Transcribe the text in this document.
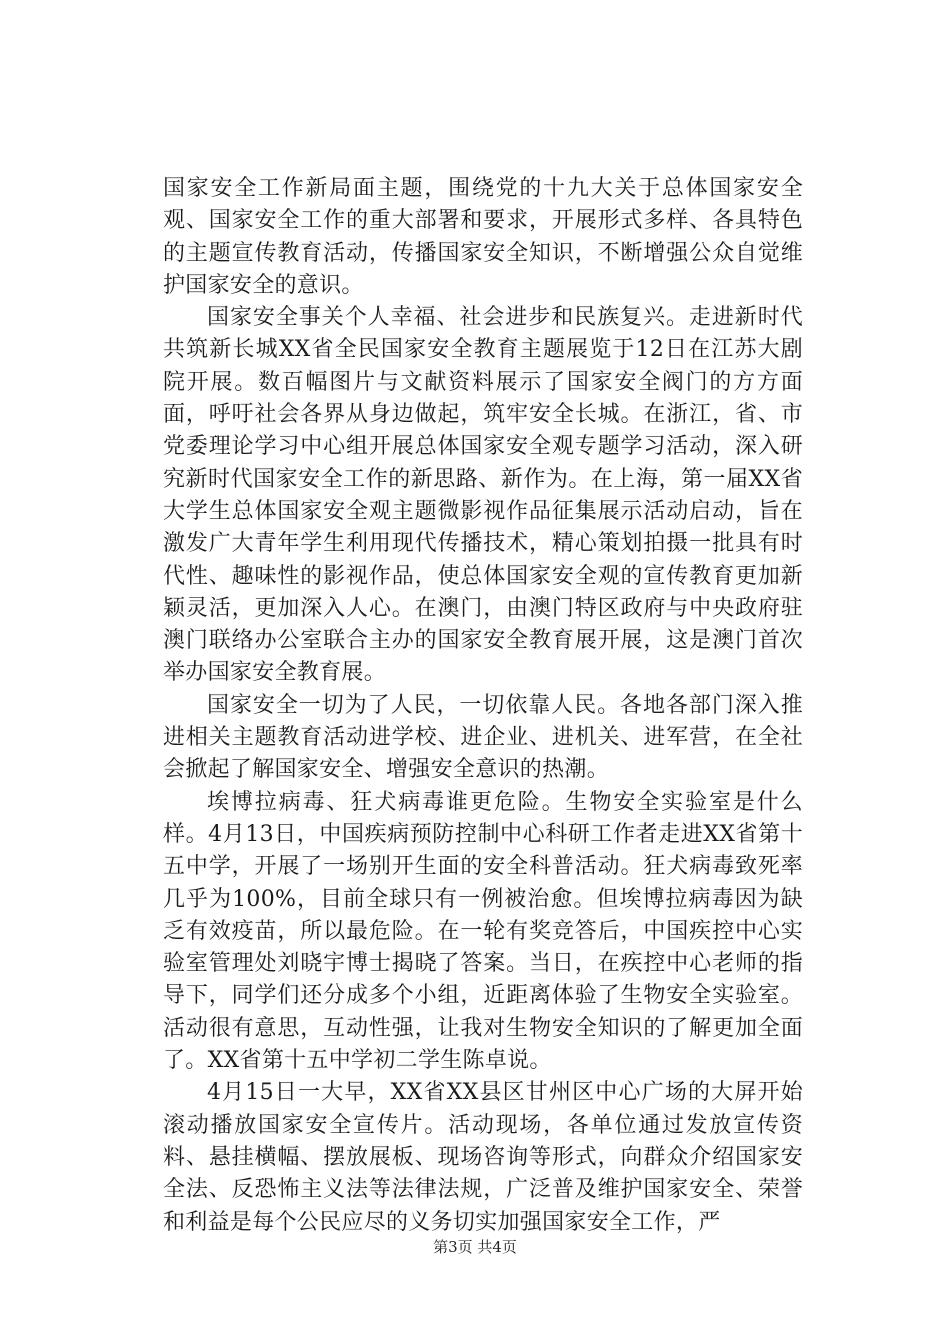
国家安全工作新局面主题，围绕党的十九大关于总体国家安全观、国家安全工作的重大部署和要求，开展形式多样、各具特色的主题宣传教育活动，传播国家安全知识，不断增强公众自觉维护国家安全的意识。

国家安全事关个人幸福、社会进步和民族复兴。走进新时代共筑新长城XX省全民国家安全教育主题展览于12日在江苏大剧院开展。数百幅图片与文献资料展示了国家安全阀门的方方面面，呼吁社会各界从身边做起，筑牢安全长城。在浙江，省、市党委理论学习中心组开展总体国家安全观专题学习活动，深入研究新时代国家安全工作的新思路、新作为。在上海，第一届XX省大学生总体国家安全观主题微影视作品征集展示活动启动，旨在激发广大青年学生利用现代传播技术，精心策划拍摄一批具有时代性、趣味性的影视作品，使总体国家安全观的宣传教育更加新颖灵活，更加深入人心。在澳门，由澳门特区政府与中央政府驻澳门联络办公室联合主办的国家安全教育展开展，这是澳门首次举办国家安全教育展。

国家安全一切为了人民，一切依靠人民。各地各部门深入推进相关主题教育活动进学校、进企业、进机关、进军营，在全社会掀起了解国家安全、增强安全意识的热潮。

埃博拉病毒、狂犬病毒谁更危险。生物安全实验室是什么样。4月13日，中国疾病预防控制中心科研工作者走进XX省第十五中学，开展了一场别开生面的安全科普活动。狂犬病毒致死率几乎为100%，目前全球只有一例被治愈。但埃博拉病毒因为缺乏有效疫苗，所以最危险。在一轮有奖竞答后，中国疾控中心实验室管理处刘晓宇博士揭晓了答案。当日，在疾控中心老师的指导下，同学们还分成多个小组，近距离体验了生物安全实验室。活动很有意思，互动性强，让我对生物安全知识的了解更加全面了。XX省第十五中学初二学生陈卓说。

4月15日一大早，XX省XX县区甘州区中心广场的大屏开始滚动播放国家安全宣传片。活动现场，各单位通过发放宣传资料、悬挂横幅、摆放展板、现场咨询等形式，向群众介绍国家安全法、反恐怖主义法等法律法规，广泛普及维护国家安全、荣誉和利益是每个公民应尽的义务切实加强国家安全工作，严

第3页 共4页
